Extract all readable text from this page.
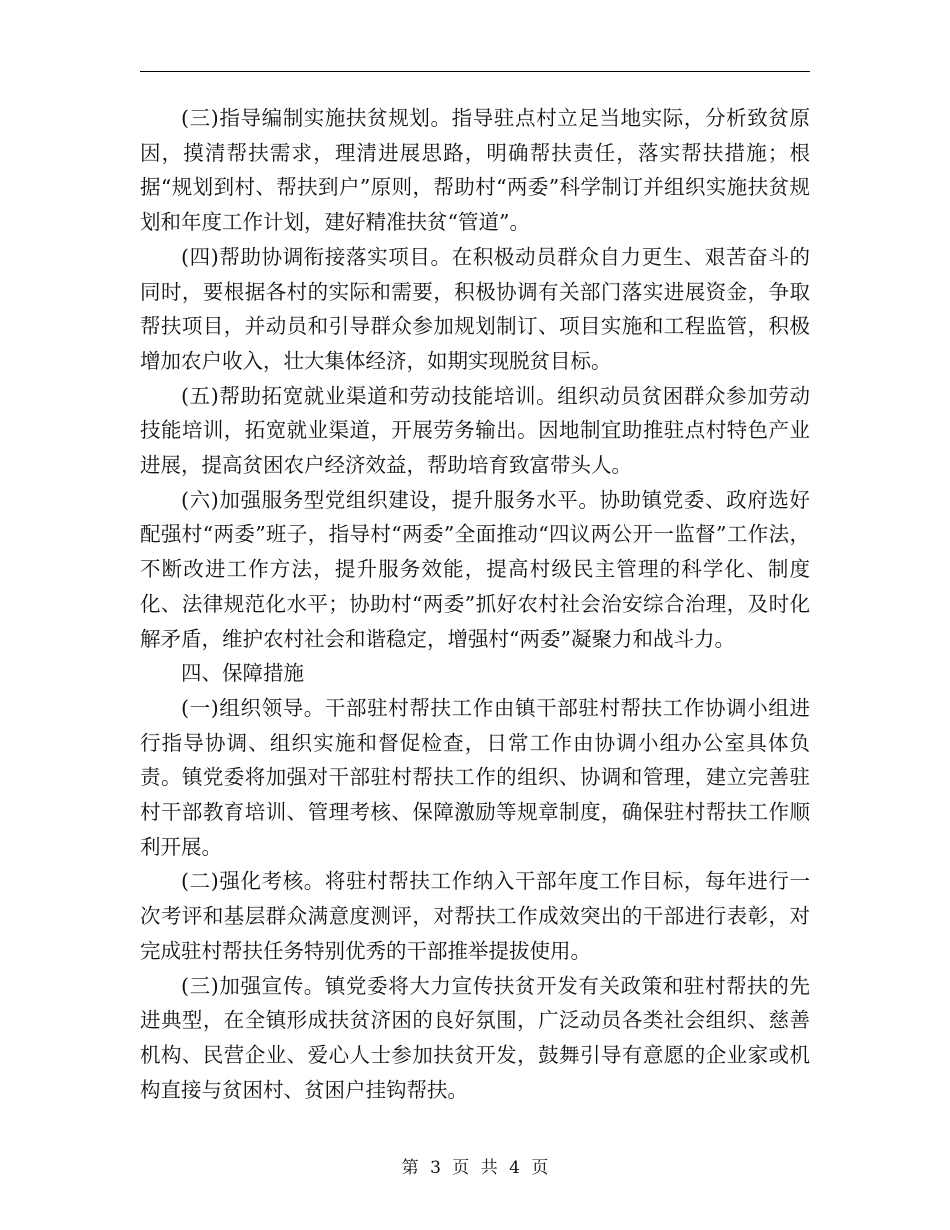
(三)指导编制实施扶贫规划。指导驻点村立足当地实际，分析致贫原因，摸清帮扶需求，理清进展思路，明确帮扶责任，落实帮扶措施；根据“规划到村、帮扶到户”原则，帮助村“两委”科学制订并组织实施扶贫规划和年度工作计划，建好精准扶贫“管道”。

(四)帮助协调衔接落实项目。在积极动员群众自力更生、艰苦奋斗的同时，要根据各村的实际和需要，积极协调有关部门落实进展资金，争取帮扶项目，并动员和引导群众参加规划制订、项目实施和工程监管，积极增加农户收入，壮大集体经济，如期实现脱贫目标。

(五)帮助拓宽就业渠道和劳动技能培训。组织动员贫困群众参加劳动技能培训，拓宽就业渠道，开展劳务输出。因地制宜助推驻点村特色产业进展，提高贫困农户经济效益，帮助培育致富带头人。

(六)加强服务型党组织建设，提升服务水平。协助镇党委、政府选好配强村“两委”班子，指导村“两委”全面推动“四议两公开一监督”工作法，不断改进工作方法，提升服务效能，提高村级民主管理的科学化、制度化、法律规范化水平；协助村“两委”抓好农村社会治安综合治理，及时化解矛盾，维护农村社会和谐稳定，增强村“两委”凝聚力和战斗力。

四、保障措施

(一)组织领导。干部驻村帮扶工作由镇干部驻村帮扶工作协调小组进行指导协调、组织实施和督促检查，日常工作由协调小组办公室具体负责。镇党委将加强对干部驻村帮扶工作的组织、协调和管理，建立完善驻村干部教育培训、管理考核、保障激励等规章制度，确保驻村帮扶工作顺利开展。

(二)强化考核。将驻村帮扶工作纳入干部年度工作目标，每年进行一次考评和基层群众满意度测评，对帮扶工作成效突出的干部进行表彰，对完成驻村帮扶任务特别优秀的干部推举提拔使用。

(三)加强宣传。镇党委将大力宣传扶贫开发有关政策和驻村帮扶的先进典型，在全镇形成扶贫济困的良好氛围，广泛动员各类社会组织、慈善机构、民营企业、爱心人士参加扶贫开发，鼓舞引导有意愿的企业家或机构直接与贫困村、贫困户挂钩帮扶。

第 3 页 共 4 页
